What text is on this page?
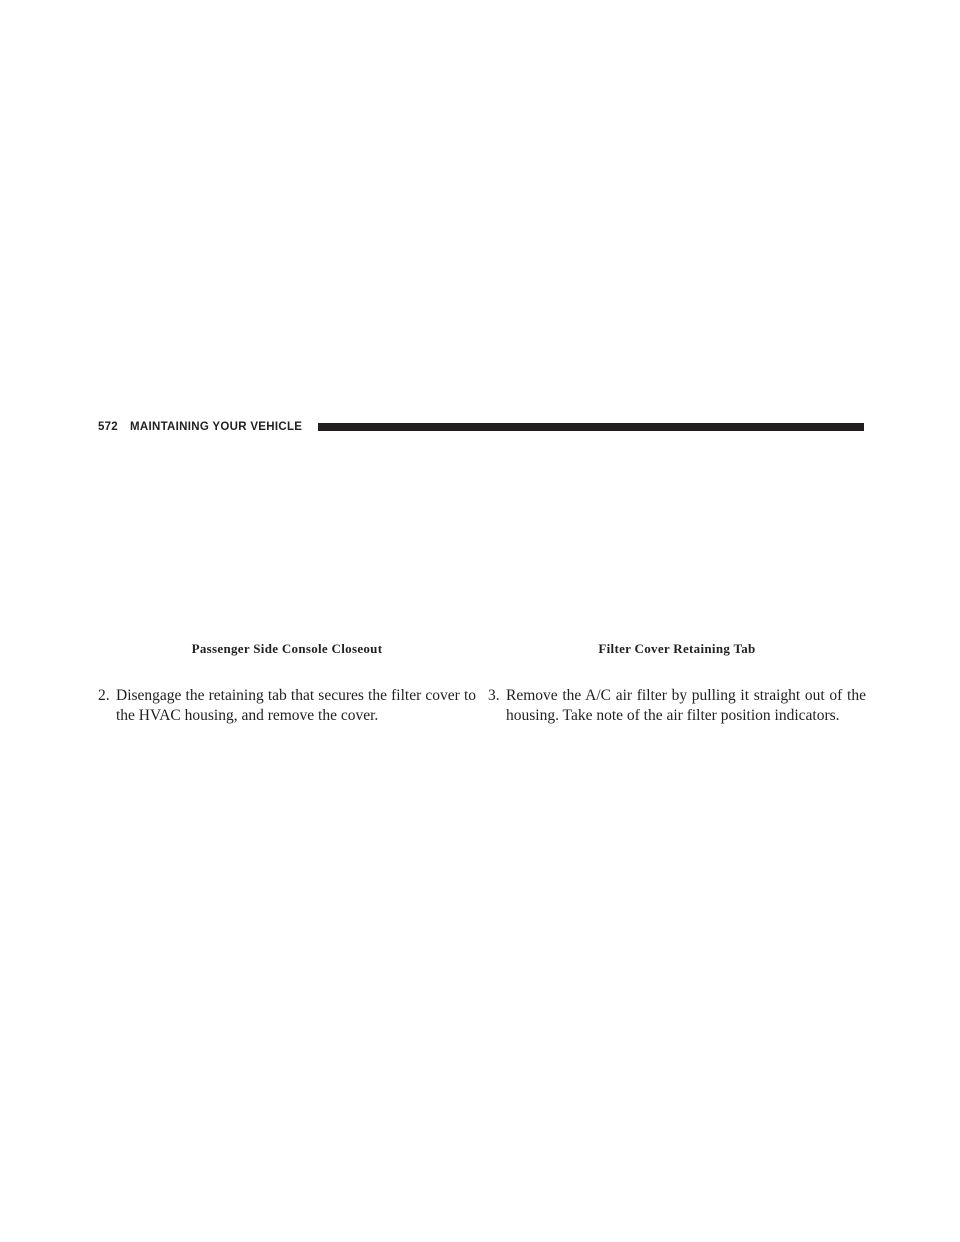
572 MAINTAINING YOUR VEHICLE
Passenger Side Console Closeout	Filter Cover Retaining Tab
2. Disengage the retaining tab that secures the filter cover to the HVAC housing, and remove the cover.
3. Remove the A/C air filter by pulling it straight out of the housing. Take note of the air filter position indicators.
